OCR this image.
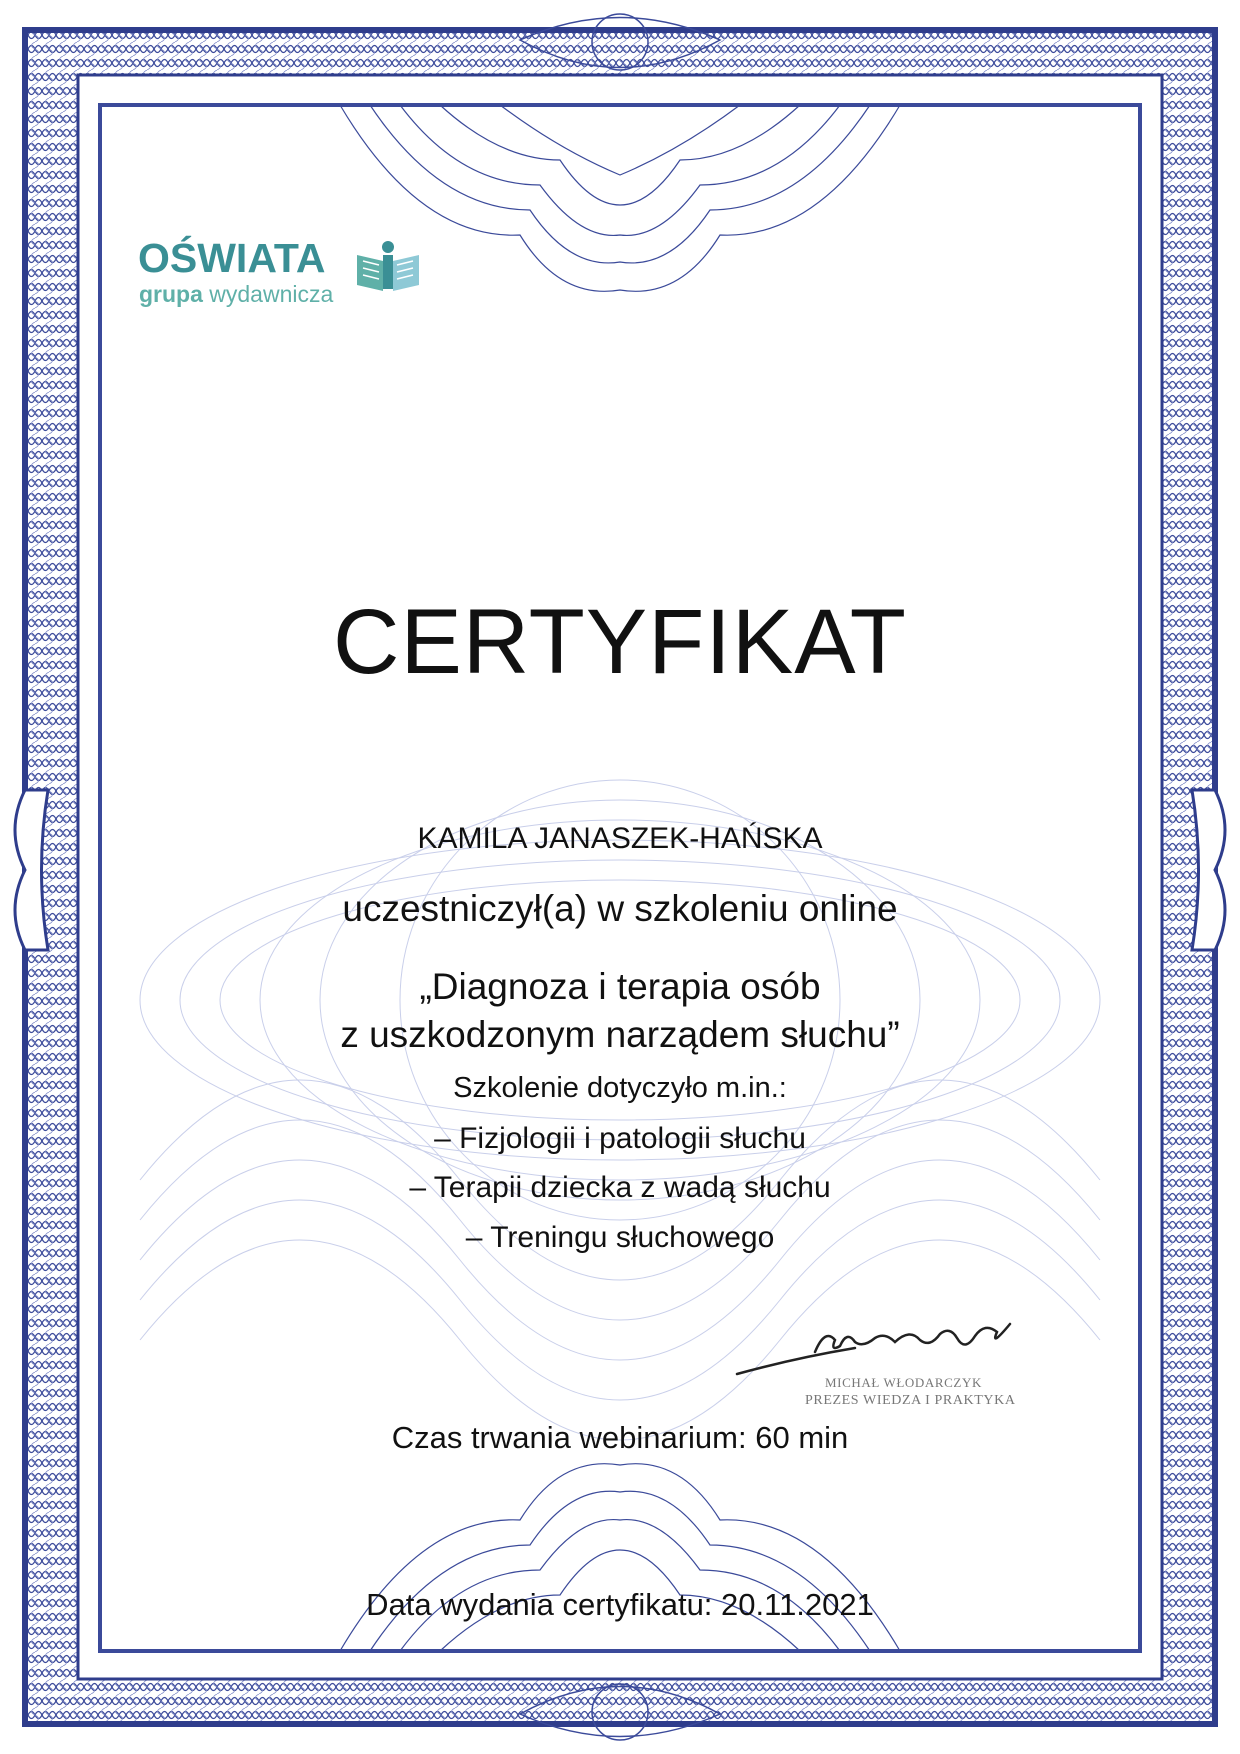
OŚWIATA
grupa wydawnicza
CERTYFIKAT
KAMILA JANASZEK-HAŃSKA
uczestniczył(a) w szkoleniu online
„Diagnoza i terapia osób
z uszkodzonym narządem słuchu”
Szkolenie dotyczyło m.in.:
– Fizjologii i patologii słuchu
– Terapii dziecka z wadą słuchu
– Treningu słuchowego
MICHAŁ WŁODARCZYK
PREZES WIEDZA I PRAKTYKA
Czas trwania webinarium: 60 min
Data wydania certyfikatu: 20.11.2021
